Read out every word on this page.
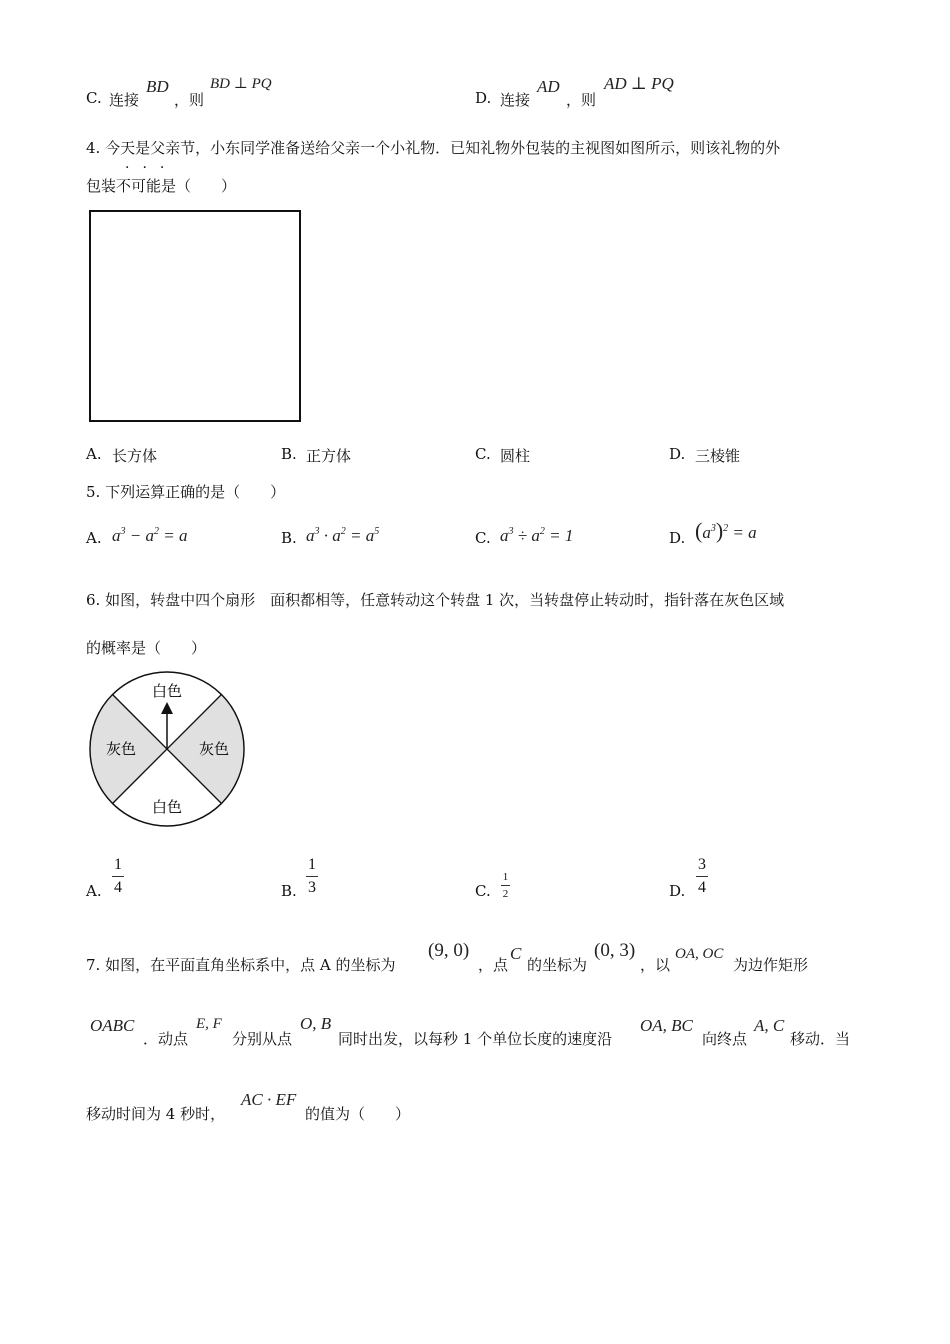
C. 连接
BD
，则
BD ⊥ PQ
D. 连接
AD
，则
AD ⊥ PQ
4. 今天是父亲节，小东同学准备送给父亲一个小礼物．已知礼物外包装的主视图如图所示，则该礼物的外
···
包装不可能是（　　）
A. 长方体	B. 正方体	C. 圆柱	D. 三棱锥
5. 下列运算正确的是（　　）
A. $a^3 - a^2 = a$	B. $a^3 \cdot a^2 = a^5$	C. $a^3 \div a^2 = 1$	D. $(a^3)^2 = a$
6. 如图，转盘中四个扇形　面积都相等，任意转动这个转盘 1 次，当转盘停止转动时，指针落在灰色区域
的概率是（　　）
白色
白色
灰色	灰色
A.
1
4	B.
1
3	C.
1
2	D.
3
4
7. 如图，在平面直角坐标系中，点 A 的坐标为
(9, 0)
，点
C
的坐标为
(0, 3)
，以
OA, OC
为边作矩形
OABC
．动点
E, F
分别从点
O, B
同时出发，以每秒 1 个单位长度的速度沿
OA, BC
向终点
A, C
移动．当
移动时间为 4 秒时，
AC · EF
的值为（　　）
